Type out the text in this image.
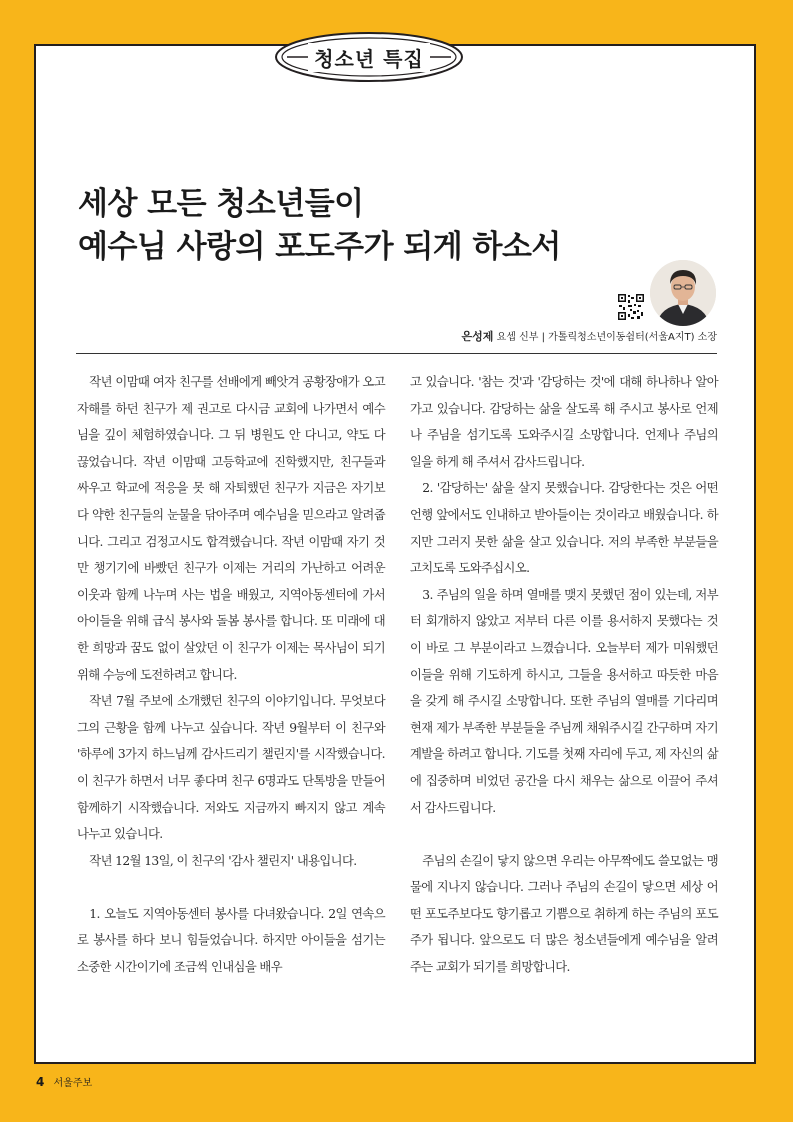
청소년 특집
세상 모든 청소년들이
예수님 사랑의 포도주가 되게 하소서
은성제 요셉 신부 | 가톨릭청소년이동쉼터(서울A지T) 소장

작년 이맘때 여자 친구를 선배에게 빼앗겨 공황장애가 오고 자해를 하던 친구가 제 권고로 다시금 교회에 나가면서 예수님을 깊이 체험하였습니다. 그 뒤 병원도 안 다니고, 약도 다 끊었습니다. 작년 이맘때 고등학교에 진학했지만, 친구들과 싸우고 학교에 적응을 못 해 자퇴했던 친구가 지금은 자기보다 약한 친구들의 눈물을 닦아주며 예수님을 믿으라고 알려줍니다. 그리고 검정고시도 합격했습니다. 작년 이맘때 자기 것만 챙기기에 바빴던 친구가 이제는 거리의 가난하고 어려운 이웃과 함께 나누며 사는 법을 배웠고, 지역아동센터에 가서 아이들을 위해 급식 봉사와 돌봄 봉사를 합니다. 또 미래에 대한 희망과 꿈도 없이 살았던 이 친구가 이제는 목사님이 되기 위해 수능에 도전하려고 합니다.

작년 7월 주보에 소개했던 친구의 이야기입니다. 무엇보다 그의 근황을 함께 나누고 싶습니다. 작년 9월부터 이 친구와 '하루에 3가지 하느님께 감사드리기 챌린지'를 시작했습니다. 이 친구가 하면서 너무 좋다며 친구 6명과도 단톡방을 만들어 함께하기 시작했습니다. 저와도 지금까지 빠지지 않고 계속 나누고 있습니다.

작년 12월 13일, 이 친구의 '감사 챌린지' 내용입니다.

1. 오늘도 지역아동센터 봉사를 다녀왔습니다. 2일 연속으로 봉사를 하다 보니 힘들었습니다. 하지만 아이들을 섬기는 소중한 시간이기에 조금씩 인내심을 배우

고 있습니다. '참는 것'과 '감당하는 것'에 대해 하나하나 알아가고 있습니다. 감당하는 삶을 살도록 해 주시고 봉사로 언제나 주님을 섬기도록 도와주시길 소망합니다. 언제나 주님의 일을 하게 해 주셔서 감사드립니다.

2. '감당하는' 삶을 살지 못했습니다. 감당한다는 것은 어떤 언행 앞에서도 인내하고 받아들이는 것이라고 배웠습니다. 하지만 그러지 못한 삶을 살고 있습니다. 저의 부족한 부분들을 고치도록 도와주십시오.

3. 주님의 일을 하며 열매를 맺지 못했던 점이 있는데, 저부터 회개하지 않았고 저부터 다른 이를 용서하지 못했다는 것이 바로 그 부분이라고 느꼈습니다. 오늘부터 제가 미워했던 이들을 위해 기도하게 하시고, 그들을 용서하고 따듯한 마음을 갖게 해 주시길 소망합니다. 또한 주님의 열매를 기다리며 현재 제가 부족한 부분들을 주님께 채워주시길 간구하며 자기 계발을 하려고 합니다. 기도를 첫째 자리에 두고, 제 자신의 삶에 집중하며 비었던 공간을 다시 채우는 삶으로 이끌어 주셔서 감사드립니다.

주님의 손길이 닿지 않으면 우리는 아무짝에도 쓸모없는 맹물에 지나지 않습니다. 그러나 주님의 손길이 닿으면 세상 어떤 포도주보다도 향기롭고 기쁨으로 취하게 하는 주님의 포도주가 됩니다. 앞으로도 더 많은 청소년들에게 예수님을 알려주는 교회가 되기를 희망합니다.

4 서울주보
